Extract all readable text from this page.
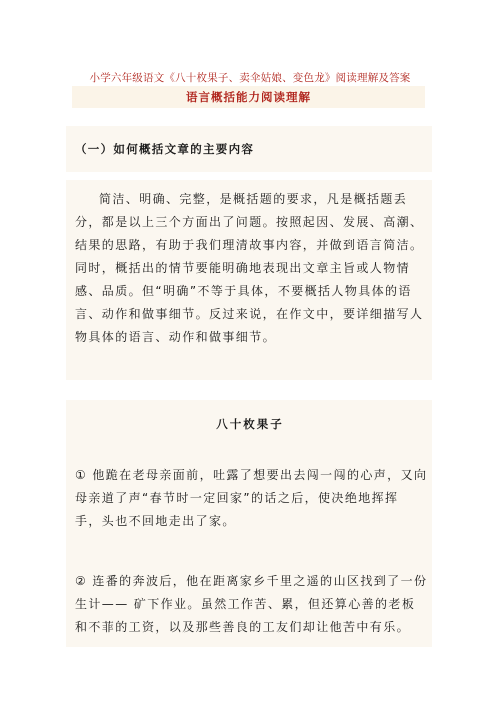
小学六年级语文《八十枚果子、卖伞姑娘、变色龙》阅读理解及答案
语言概括能力阅读理解
（一）如何概括文章的主要内容
简洁、明确、完整，是概括题的要求，凡是概括题丢
分，都是以上三个方面出了问题。按照起因、发展、高潮、
结果的思路，有助于我们理清故事内容，并做到语言简洁。
同时，概括出的情节要能明确地表现出文章主旨或人物情
感、品质。但“明确”不等于具体，不要概括人物具体的语
言、动作和做事细节。反过来说，在作文中，要详细描写人
物具体的语言、动作和做事细节。
八十枚果子
① 他跪在老母亲面前，吐露了想要出去闯一闯的心声，又向
母亲道了声“春节时一定回家”的话之后，使决绝地挥挥
手，头也不回地走出了家。
② 连番的奔波后，他在距离家乡千里之遥的山区找到了一份
生计—— 矿下作业。虽然工作苦、累，但还算心善的老板
和不菲的工资，以及那些善良的工友们却让他苦中有乐。
